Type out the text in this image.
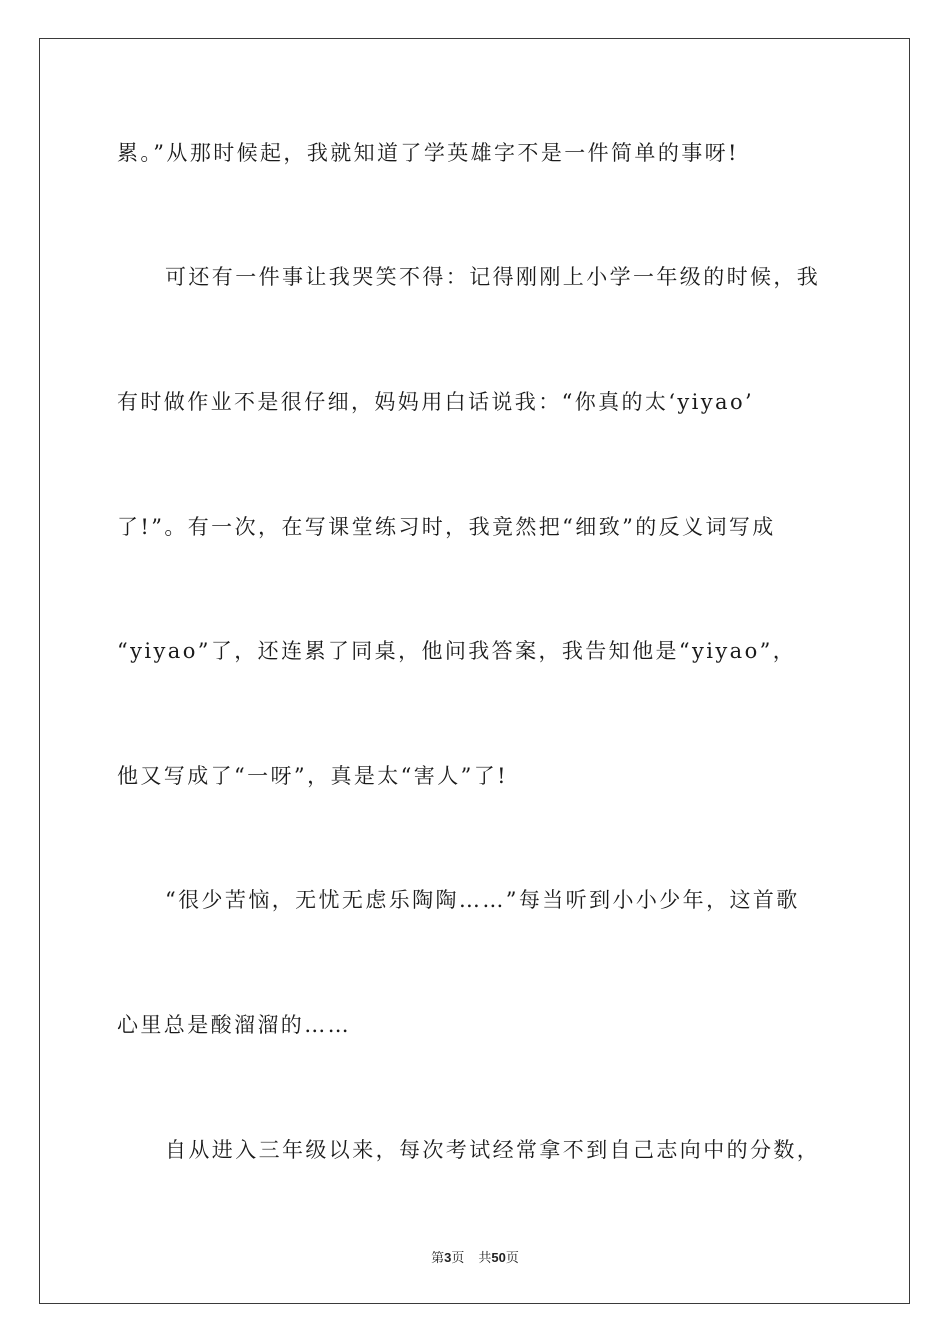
累。”从那时候起，我就知道了学英雄字不是一件简单的事呀!
可还有一件事让我哭笑不得：记得刚刚上小学一年级的时候，我
有时做作业不是很仔细，妈妈用白话说我：“你真的太‘yiyao’
了!”。有一次，在写课堂练习时，我竟然把“细致”的反义词写成
“yiyao”了，还连累了同桌，他问我答案，我告知他是“yiyao”，
他又写成了“一呀”，真是太“害人”了!
“很少苦恼，无忧无虑乐陶陶……”每当听到小小少年，这首歌
心里总是酸溜溜的……
自从进入三年级以来，每次考试经常拿不到自己志向中的分数，
第3页 共50页
